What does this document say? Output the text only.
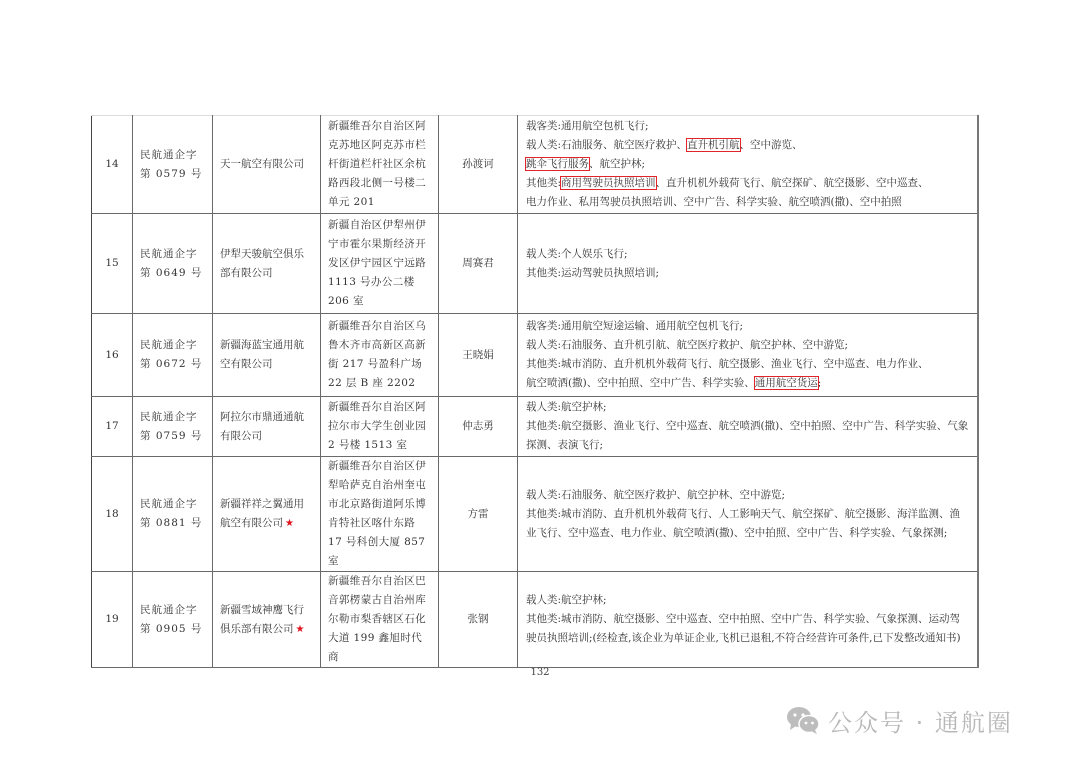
14	民航通企字第 0579 号	天一航空有限公司	新疆维吾尔自治区阿克苏地区阿克苏市栏杆街道栏杆社区余杭路西段北侧一号楼二单元 201	孙渡诃	载客类:通用航空包机飞行;
载人类:石油服务、航空医疗救护、直升机引航、空中游览、
跳伞飞行服务、航空护林;
其他类:商用驾驶员执照培训、直升机机外载荷飞行、航空探矿、航空摄影、空中巡查、
电力作业、私用驾驶员执照培训、空中广告、科学实验、航空喷洒(撒)、空中拍照

15	民航通企字第 0649 号	伊犁天骏航空俱乐部有限公司	新疆自治区伊犁州伊宁市霍尔果斯经济开发区伊宁园区宁远路 1113 号办公二楼 206 室	周赛君	载人类:个人娱乐飞行;
其他类:运动驾驶员执照培训;

16	民航通企字第 0672 号	新疆海蓝宝通用航空有限公司	新疆维吾尔自治区乌鲁木齐市高新区高新街 217 号盈科广场 22 层 B 座 2202	王晓娟	载客类:通用航空短途运输、通用航空包机飞行;
载人类:石油服务、直升机引航、航空医疗救护、航空护林、空中游览;
其他类:城市消防、直升机机外载荷飞行、航空摄影、渔业飞行、空中巡查、电力作业、
航空喷洒(撒)、空中拍照、空中广告、科学实验、通用航空货运;

17	民航通企字第 0759 号	阿拉尔市鼎通通航有限公司	新疆维吾尔自治区阿拉尔市大学生创业园 2 号楼 1513 室	仲志勇	载人类:航空护林;
其他类:航空摄影、渔业飞行、空中巡查、航空喷洒(撒)、空中拍照、空中广告、科学实验、气象探测、表演飞行;

18	民航通企字第 0881 号	新疆祥祥之翼通用航空有限公司 ★	新疆维吾尔自治区伊犁哈萨克自治州奎屯市北京路街道阿乐博肯特社区喀什东路 17 号科创大厦 857 室	方雷	载人类:石油服务、航空医疗救护、航空护林、空中游览;
其他类:城市消防、直升机机外载荷飞行、人工影响天气、航空探矿、航空摄影、海洋监测、渔业飞行、空中巡查、电力作业、航空喷洒(撒)、空中拍照、空中广告、科学实验、气象探测;

19	民航通企字第 0905 号	新疆雪域神鹰飞行俱乐部有限公司 ★	新疆维吾尔自治区巴音郭楞蒙古自治州库尔勒市梨香辖区石化大道 199 鑫旭时代商	张钢	载人类:航空护林;
其他类:城市消防、航空摄影、空中巡查、空中拍照、空中广告、科学实验、气象探测、运动驾驶员执照培训;(经检查,该企业为单证企业,飞机已退租,不符合经营许可条件,已下发整改通知书)
132
公众号 · 通航圈
